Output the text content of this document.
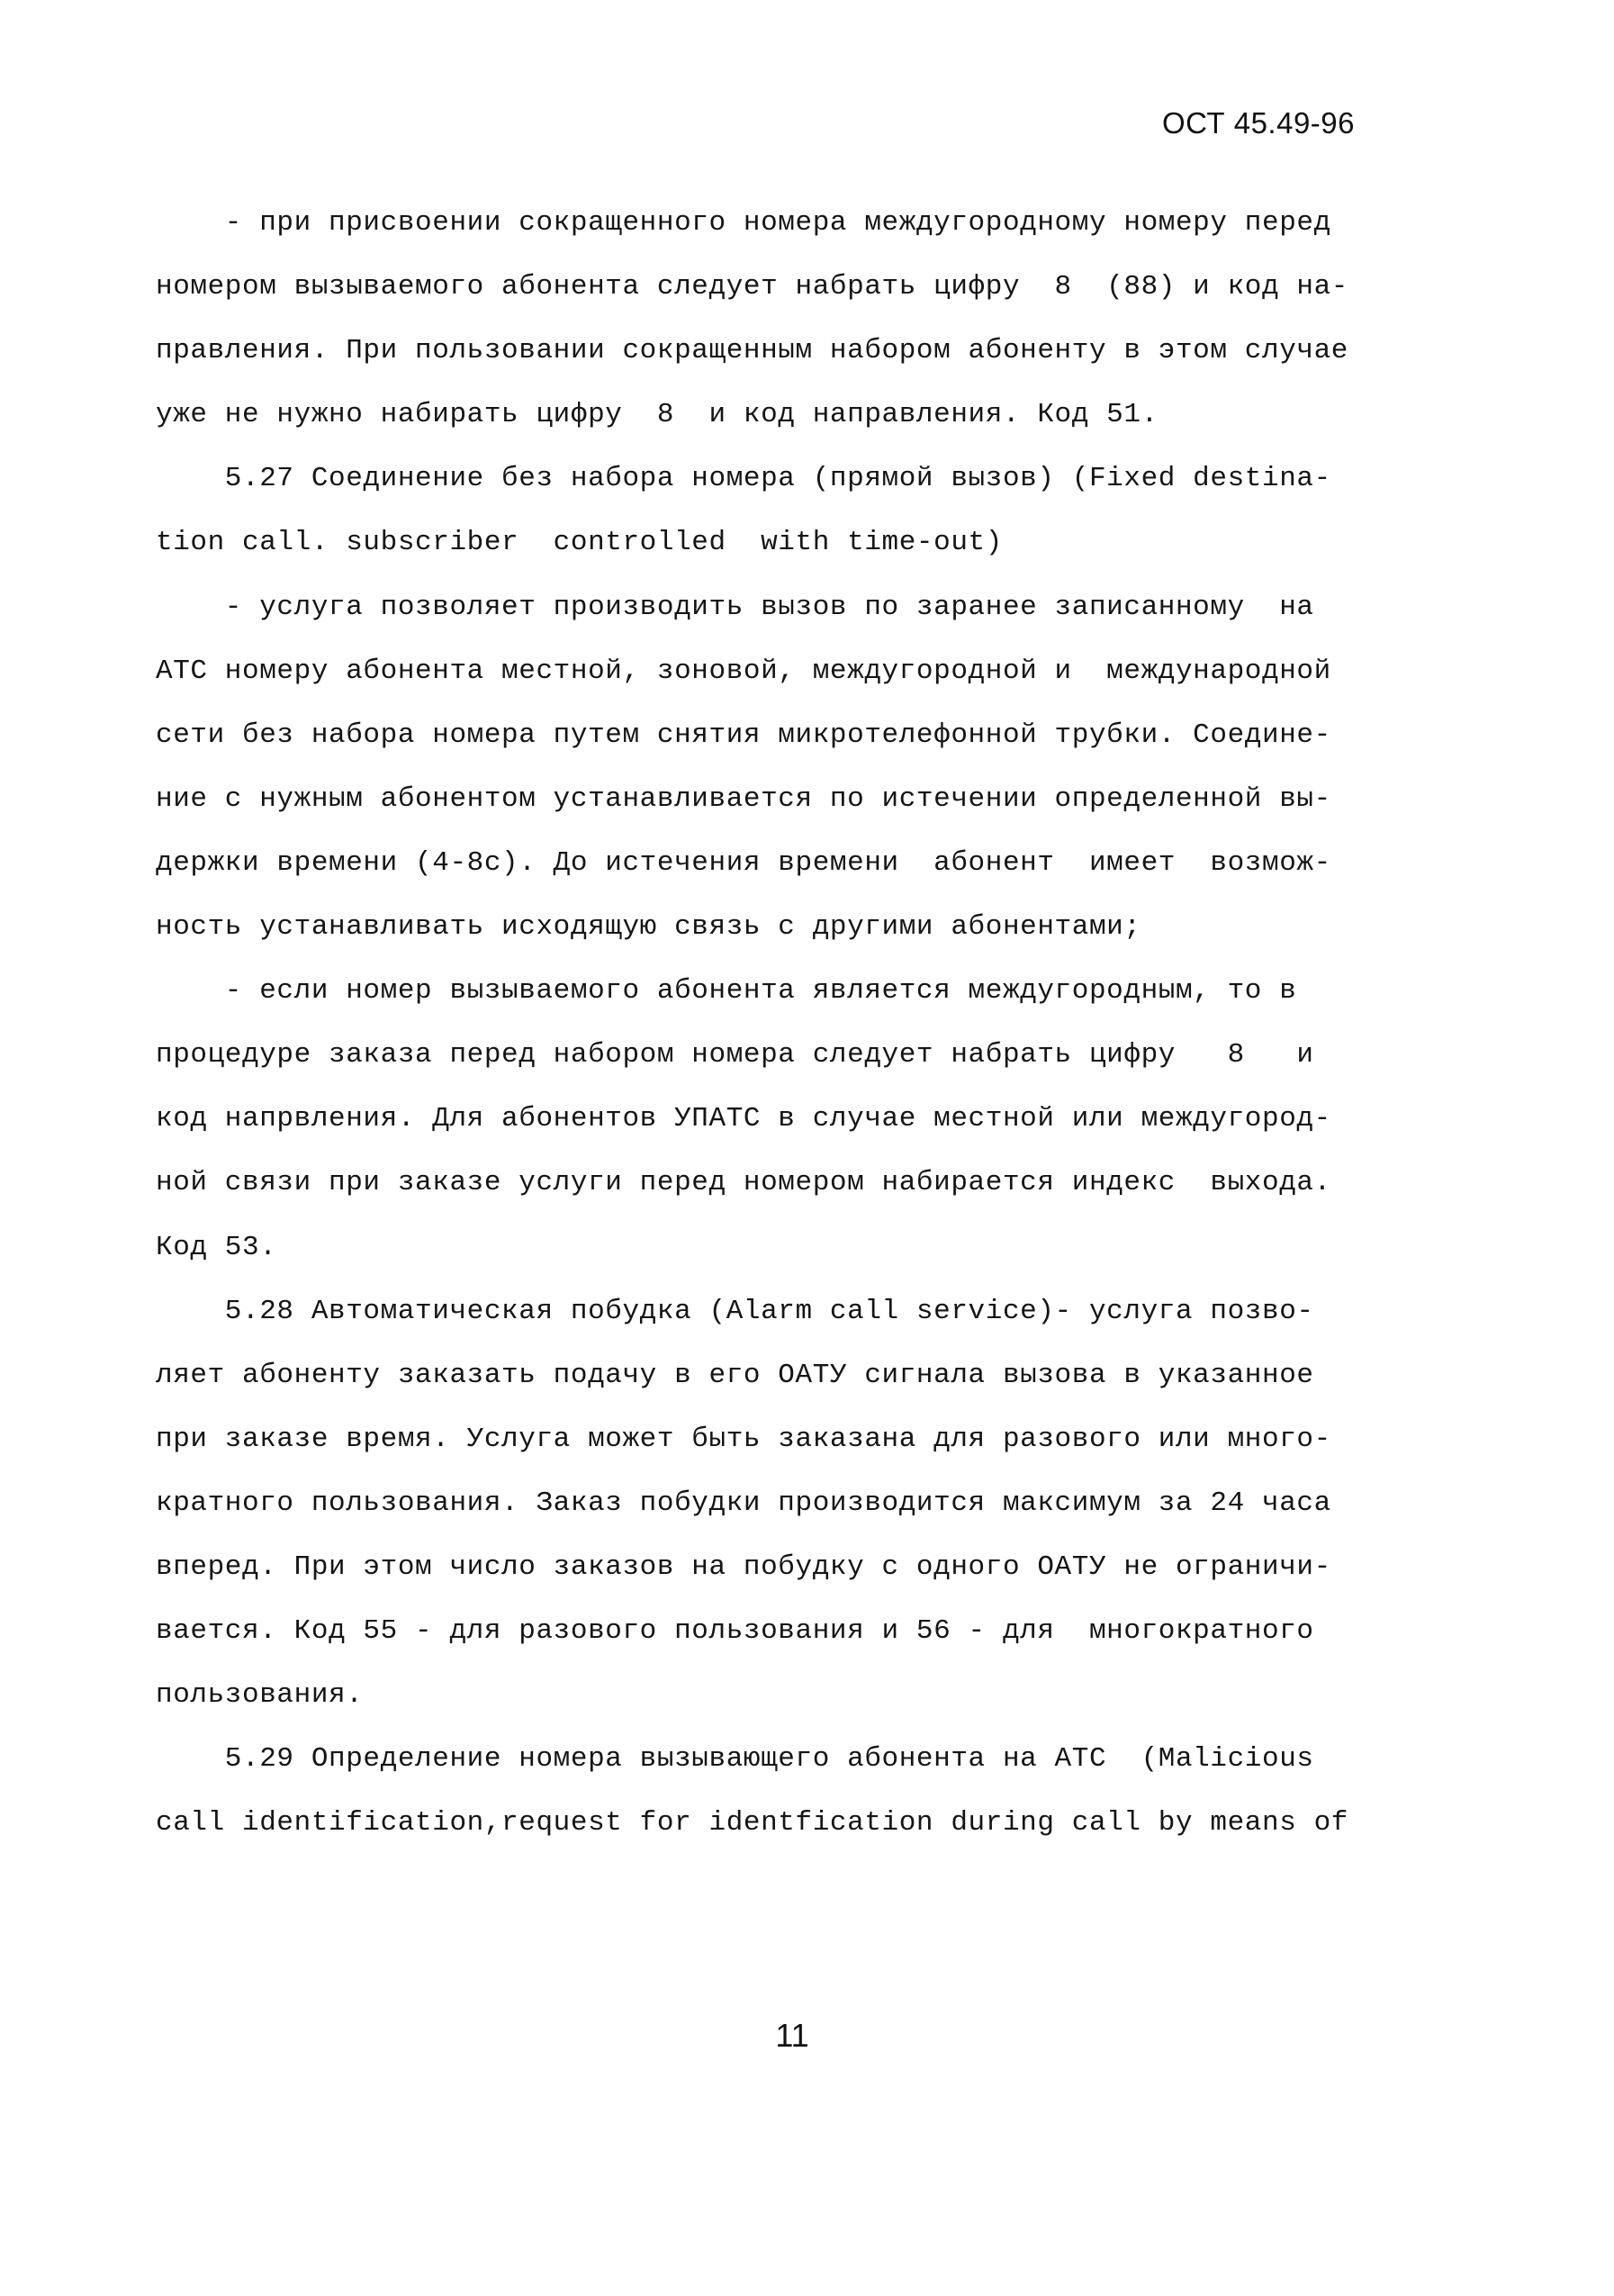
ОСТ 45.49-96
- при присвоении сокращенного номера междугородному номеру перед
номером вызываемого абонента следует набрать цифру  8  (88) и код на-
правления. При пользовании сокращенным набором абоненту в этом случае
уже не нужно набирать цифру  8  и код направления. Код 51.
5.27 Соединение без набора номера (прямой вызов) (Fixed destina-
tion call. subscriber  controlled  with time-out)
- услуга позволяет производить вызов по заранее записанному  на
АТС номеру абонента местной, зоновой, междугородной и  международной
сети без набора номера путем снятия микротелефонной трубки. Соедине-
ние с нужным абонентом устанавливается по истечении определенной вы-
держки времени (4-8с). До истечения времени  абонент  имеет  возмож-
ность устанавливать исходящую связь с другими абонентами;
- если номер вызываемого абонента является междугородным, то в
процедуре заказа перед набором номера следует набрать цифру   8   и
код напрвления. Для абонентов УПАТС в случае местной или междугород-
ной связи при заказе услуги перед номером набирается индекс  выхода.
Код 53.
5.28 Автоматическая побудка (Alarm call service)- услуга позво-
ляет абоненту заказать подачу в его ОАТУ сигнала вызова в указанное
при заказе время. Услуга может быть заказана для разового или много-
кратного пользования. Заказ побудки производится максимум за 24 часа
вперед. При этом число заказов на побудку с одного ОАТУ не ограничи-
вается. Код 55 - для разового пользования и 56 - для  многократного
пользования.
5.29 Определение номера вызывающего абонента на АТС  (Malicious
call identification,request for identfication during call by means of
11
